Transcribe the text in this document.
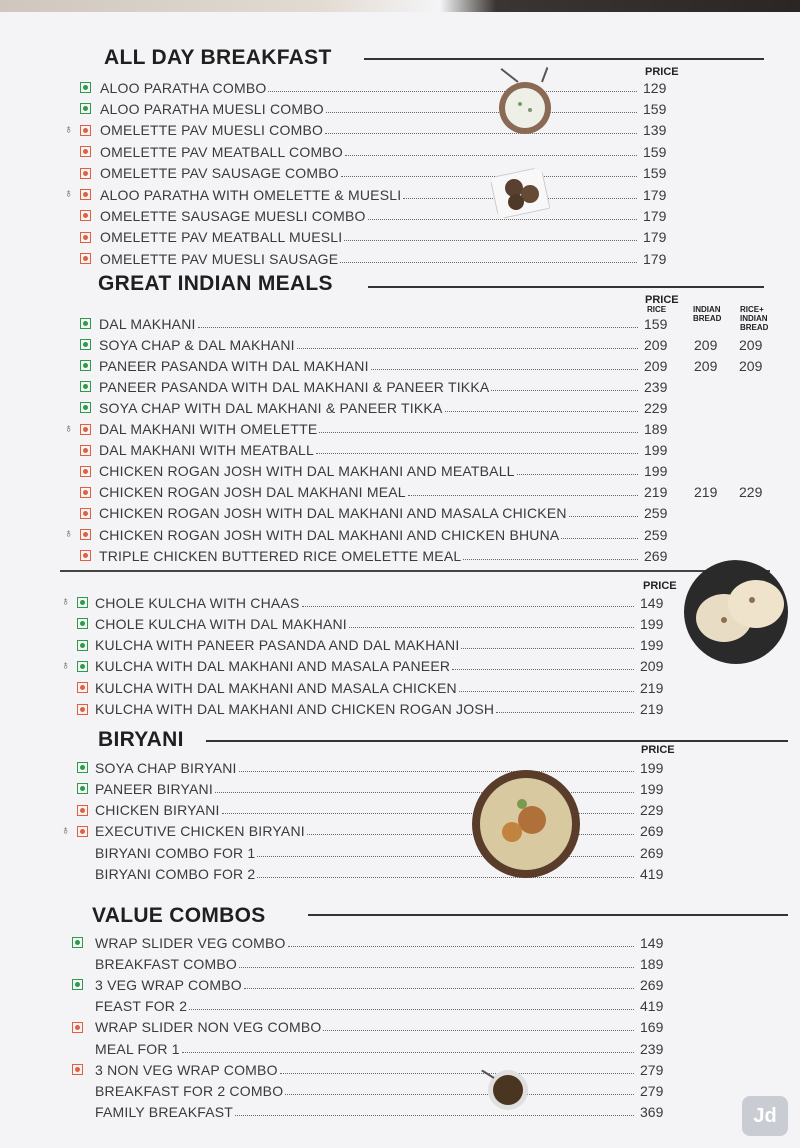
ALL DAY BREAKFAST
PRICE
ALOO PARATHA COMBO	129
ALOO PARATHA MUESLI COMBO	159
♁ OMELETTE PAV MUESLI COMBO	139
OMELETTE PAV MEATBALL COMBO	159
OMELETTE PAV SAUSAGE COMBO	159
♁ ALOO PARATHA WITH OMELETTE & MUESLI	179
OMELETTE SAUSAGE MUESLI COMBO	179
OMELETTE PAV MEATBALL MUESLI	179
OMELETTE PAV MUESLI SAUSAGE	179
GREAT INDIAN MEALS
PRICE
RICE	INDIAN BREAD
RICE+ INDIAN BREAD
DAL MAKHANI	159
SOYA CHAP & DAL MAKHANI	209 209 209
PANEER PASANDA WITH DAL MAKHANI	209 209 209
PANEER PASANDA WITH DAL MAKHANI & PANEER TIKKA	239
SOYA CHAP WITH DAL MAKHANI & PANEER TIKKA	229
♁ DAL MAKHANI WITH OMELETTE	189
DAL MAKHANI WITH MEATBALL	199
CHICKEN ROGAN JOSH WITH DAL MAKHANI AND MEATBALL	199
CHICKEN ROGAN JOSH DAL MAKHANI MEAL	219 219 229
CHICKEN ROGAN JOSH WITH DAL MAKHANI AND MASALA CHICKEN	259
♁ CHICKEN ROGAN JOSH WITH DAL MAKHANI AND CHICKEN BHUNA	259
TRIPLE CHICKEN BUTTERED RICE OMELETTE MEAL	269
PRICE
♁ CHOLE KULCHA WITH CHAAS	149
CHOLE KULCHA WITH DAL MAKHANI	199
KULCHA WITH PANEER PASANDA AND DAL MAKHANI	199
♁ KULCHA WITH DAL MAKHANI AND MASALA PANEER	209
KULCHA WITH DAL MAKHANI AND MASALA CHICKEN	219
KULCHA WITH DAL MAKHANI AND CHICKEN ROGAN JOSH	219
BIRYANI	PRICE
SOYA CHAP BIRYANI	199
PANEER BIRYANI	199
CHICKEN BIRYANI	229
♁ EXECUTIVE CHICKEN BIRYANI	269
BIRYANI COMBO FOR 1	269
BIRYANI COMBO FOR 2	419
VALUE COMBOS
WRAP SLIDER VEG COMBO	149
BREAKFAST COMBO	189
3 VEG WRAP COMBO	269
FEAST FOR 2	419
WRAP SLIDER NON VEG COMBO	169
MEAL FOR 1	239
3 NON VEG WRAP COMBO	279
BREAKFAST FOR 2 COMBO	279
FAMILY BREAKFAST	369	Jd
